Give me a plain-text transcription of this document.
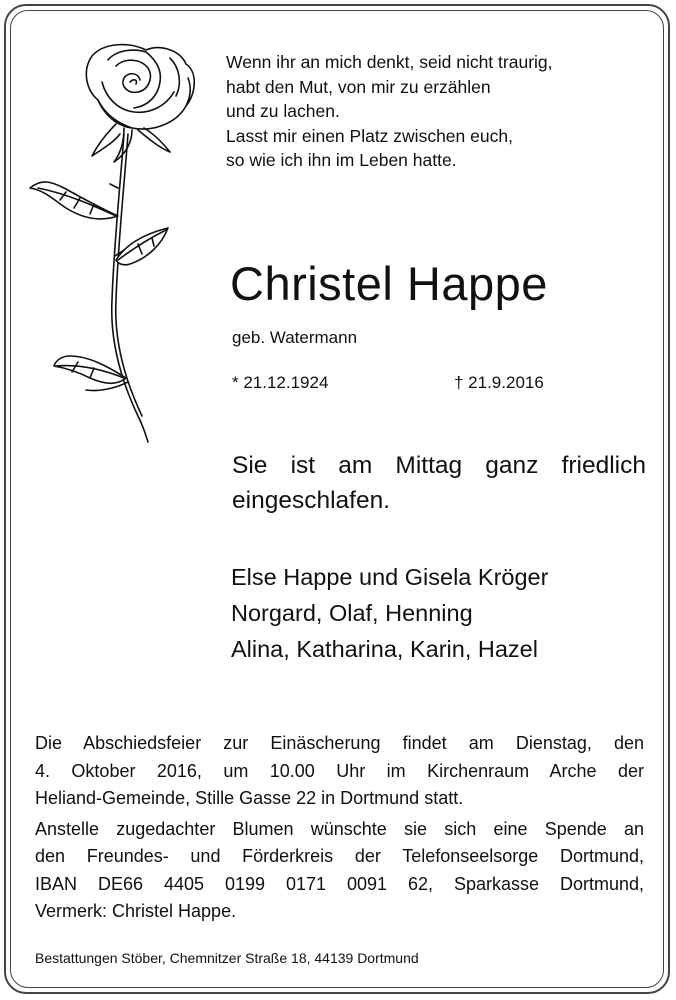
Wenn ihr an mich denkt, seid nicht traurig,
habt den Mut, von mir zu erzählen
und zu lachen.
Lasst mir einen Platz zwischen euch,
so wie ich ihn im Leben hatte.
Christel Happe
geb. Watermann
* 21.12.1924	† 21.9.2016
Sie ist am Mittag ganz friedlich
eingeschlafen.
Else Happe und Gisela Kröger
Norgard, Olaf, Henning
Alina, Katharina, Karin, Hazel
Die Abschiedsfeier zur Einäscherung findet am Dienstag, den
4. Oktober 2016, um 10.00 Uhr im Kirchenraum Arche der
Heliand-Gemeinde, Stille Gasse 22 in Dortmund statt.
Anstelle zugedachter Blumen wünschte sie sich eine Spende an
den Freundes- und Förderkreis der Telefonseelsorge Dortmund,
IBAN DE66 4405 0199 0171 0091 62, Sparkasse Dortmund,
Vermerk: Christel Happe.
Bestattungen Stöber, Chemnitzer Straße 18, 44139 Dortmund
